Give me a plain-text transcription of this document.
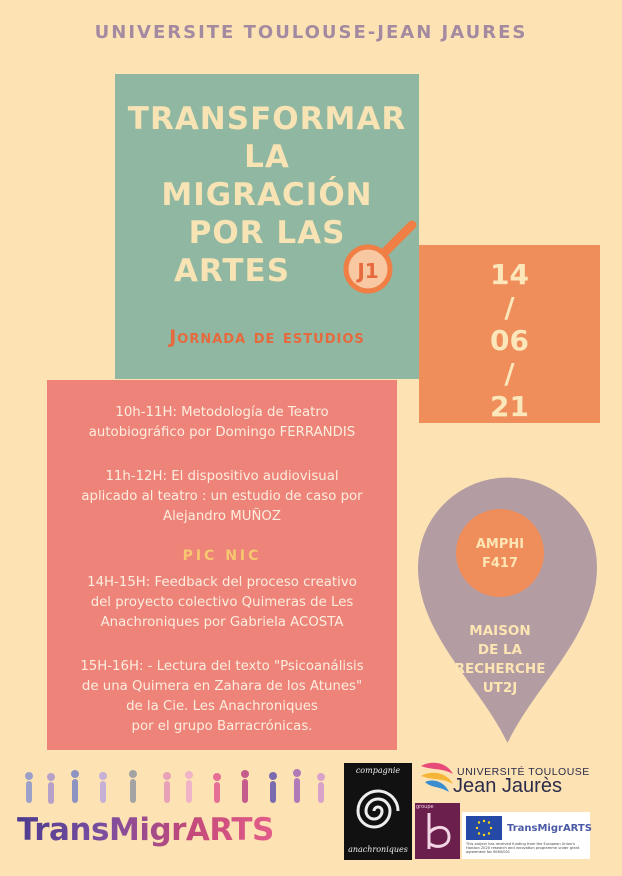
UNIVERSITE TOULOUSE-JEAN JAURES
TRANSFORMAR
LA
MIGRACIÓN
POR LAS
ARTES	J1
Jornada de estudios
14
/
06
/
21
10h-11H: Metodología de Teatro
autobiográfico por Domingo FERRANDIS
11h-12H: El dispositivo audiovisual
aplicado al teatro : un estudio de caso por
Alejandro MUÑOZ
PIC NIC
14H-15H: Feedback del proceso creativo
del proyecto colectivo Quimeras de Les
Anachroniques por Gabriela ACOSTA
15H-16H: - Lectura del texto "Psicoanálisis
de una Quimera en Zahara de los Atunes"
de la Cie. Les Anachroniques
por el grupo Barracrónicas.
AMPHI
F417
MAISON
DE LA
RECHERCHE
UT2J
TransMigrARTS
compagnie
anachroniques
groupe
UNIVERSITÉ TOULOUSE
Jean Jaurès
TransMigrARTS
This project has received funding from the European Union's Horizon 2020 research and innovation programme under grant agreement No 9060/001
